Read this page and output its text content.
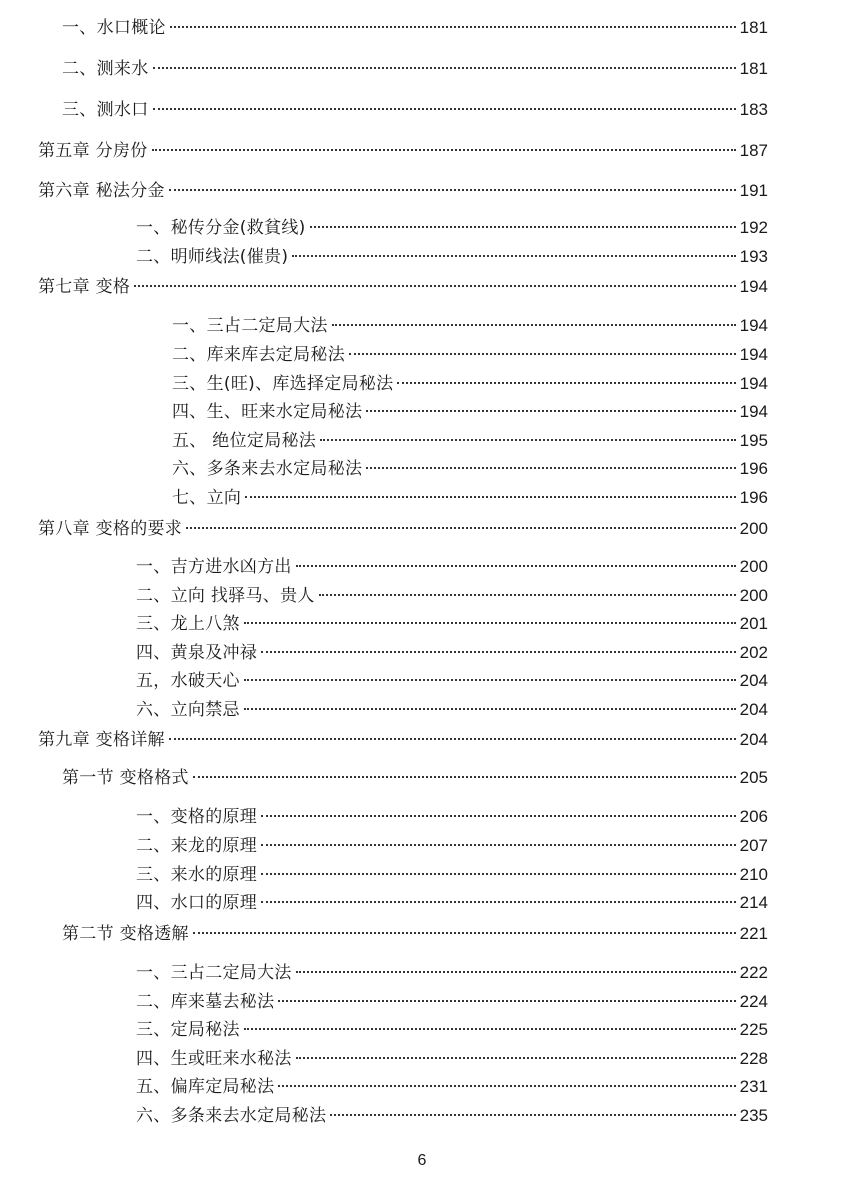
一、水口概论	181
二、测来水	181
三、测水口	183
第五章 分房份	187
第六章 秘法分金	191
一、秘传分金(救貧线)	192
二、明师线法(催贵)	193
第七章 变格	194
一、三占二定局大法	194
二、库来库去定局秘法	194
三、生(旺)、库选择定局秘法	194
四、生、旺来水定局秘法	194
五、 绝位定局秘法	195
六、多条来去水定局秘法	196
七、立向	196
第八章 变格的要求	200
一、吉方进水凶方出	200
二、立向 找驿马、贵人	200
三、龙上八煞	201
四、黄泉及冲禄	202
五，水破天心	204
六、立向禁忌	204
第九章 变格详解	204
第一节 变格格式	205
一、变格的原理	206
二、来龙的原理	207
三、来水的原理	210
四、水口的原理	214
第二节 变格透解	221
一、三占二定局大法	222
二、库来墓去秘法	224
三、定局秘法	225
四、生或旺来水秘法	228
五、偏库定局秘法	231
六、多条来去水定局秘法	235
6
